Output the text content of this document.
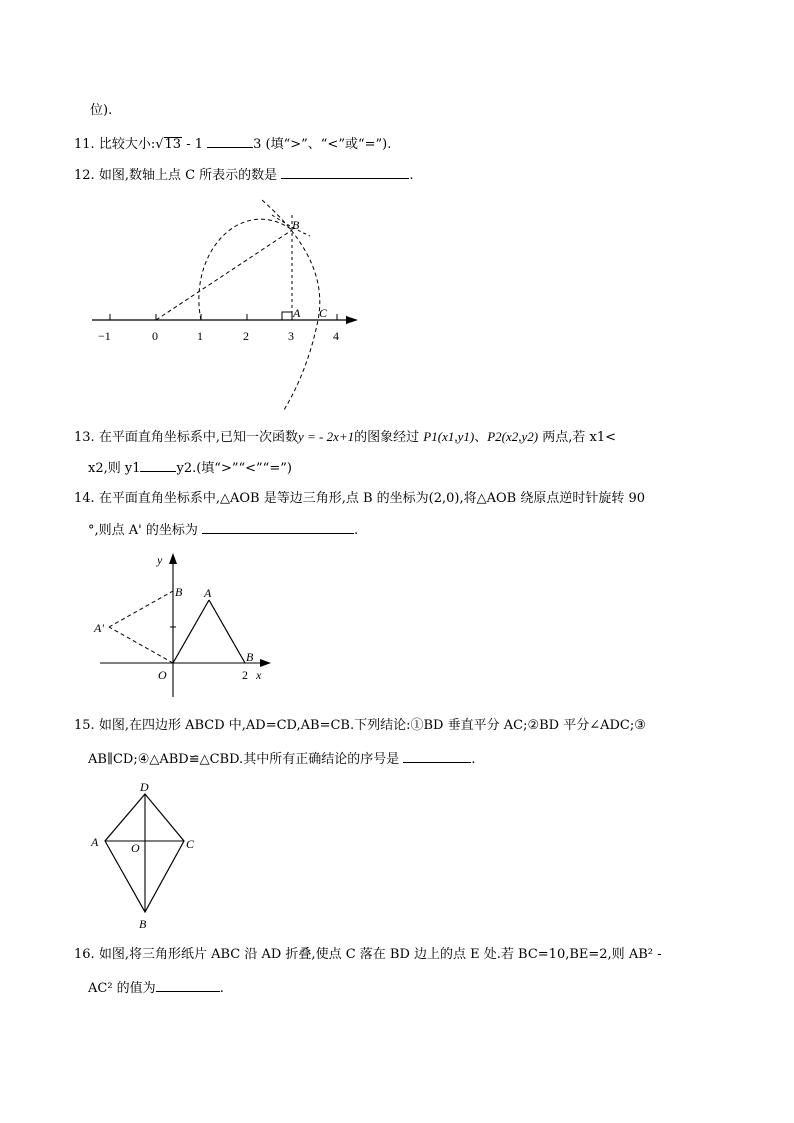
位).
11. 比较大小:√13 - 1	3 (填“>”、“<”或“=”).
12. 如图,数轴上点 C 所表示的数是	.
−1	0	1	2	3	4
B
A C
13. 在平面直角坐标系中,已知一次函数y = - 2x+1的图象经过 P1(x1,y1)、P2(x2,y2) 两点,若 x1<
x2,则 y1	y2.(填“>”“<”“=”)
14. 在平面直角坐标系中,△AOB 是等边三角形,点 B 的坐标为(2,0),将△AOB 绕原点逆时针旋转 90
°,则点 A' 的坐标为	.
y
B A
A'
O
B
2 x
15. 如图,在四边形 ABCD 中,AD=CD,AB=CB.下列结论:①BD 垂直平分 AC;②BD 平分∠ADC;③
AB∥CD;④△ABD≌△CBD.其中所有正确结论的序号是	.
D
A	O	C
B
16. 如图,将三角形纸片 ABC 沿 AD 折叠,使点 C 落在 BD 边上的点 E 处.若 BC=10,BE=2,则 AB² -
AC² 的值为	.
